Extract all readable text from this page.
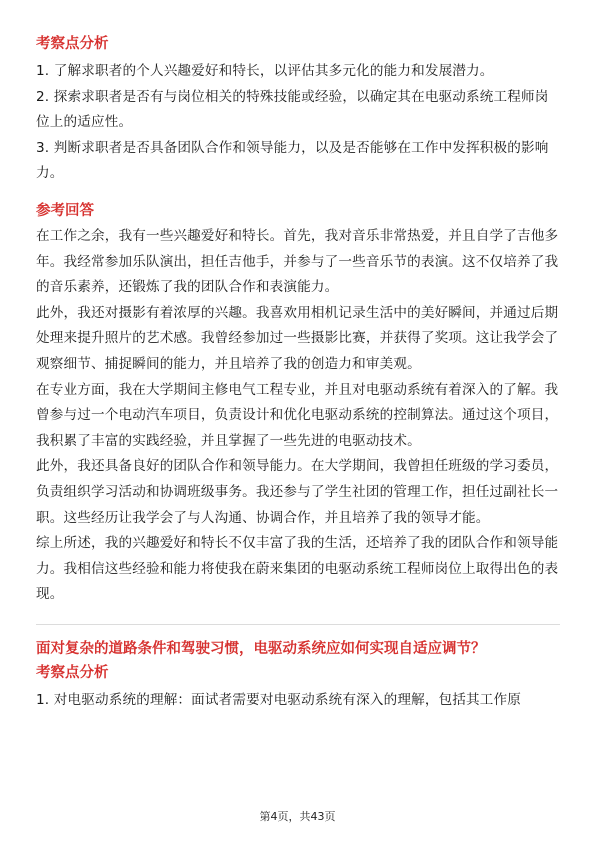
考察点分析

1. 了解求职者的个人兴趣爱好和特长，以评估其多元化的能力和发展潜力。

2. 探索求职者是否有与岗位相关的特殊技能或经验，以确定其在电驱动系统工程师岗位上的适应性。

3. 判断求职者是否具备团队合作和领导能力，以及是否能够在工作中发挥积极的影响力。

参考回答

在工作之余，我有一些兴趣爱好和特长。首先，我对音乐非常热爱，并且自学了吉他多年。我经常参加乐队演出，担任吉他手，并参与了一些音乐节的表演。这不仅培养了我的音乐素养，还锻炼了我的团队合作和表演能力。

此外，我还对摄影有着浓厚的兴趣。我喜欢用相机记录生活中的美好瞬间，并通过后期处理来提升照片的艺术感。我曾经参加过一些摄影比赛，并获得了奖项。这让我学会了观察细节、捕捉瞬间的能力，并且培养了我的创造力和审美观。

在专业方面，我在大学期间主修电气工程专业，并且对电驱动系统有着深入的了解。我曾参与过一个电动汽车项目，负责设计和优化电驱动系统的控制算法。通过这个项目，我积累了丰富的实践经验，并且掌握了一些先进的电驱动技术。

此外，我还具备良好的团队合作和领导能力。在大学期间，我曾担任班级的学习委员，负责组织学习活动和协调班级事务。我还参与了学生社团的管理工作，担任过副社长一职。这些经历让我学会了与人沟通、协调合作，并且培养了我的领导才能。

综上所述，我的兴趣爱好和特长不仅丰富了我的生活，还培养了我的团队合作和领导能力。我相信这些经验和能力将使我在蔚来集团的电驱动系统工程师岗位上取得出色的表现。

面对复杂的道路条件和驾驶习惯，电驱动系统应如何实现自适应调节？
考察点分析

1. 对电驱动系统的理解：面试者需要对电驱动系统有深入的理解，包括其工作原

第4页，共43页
